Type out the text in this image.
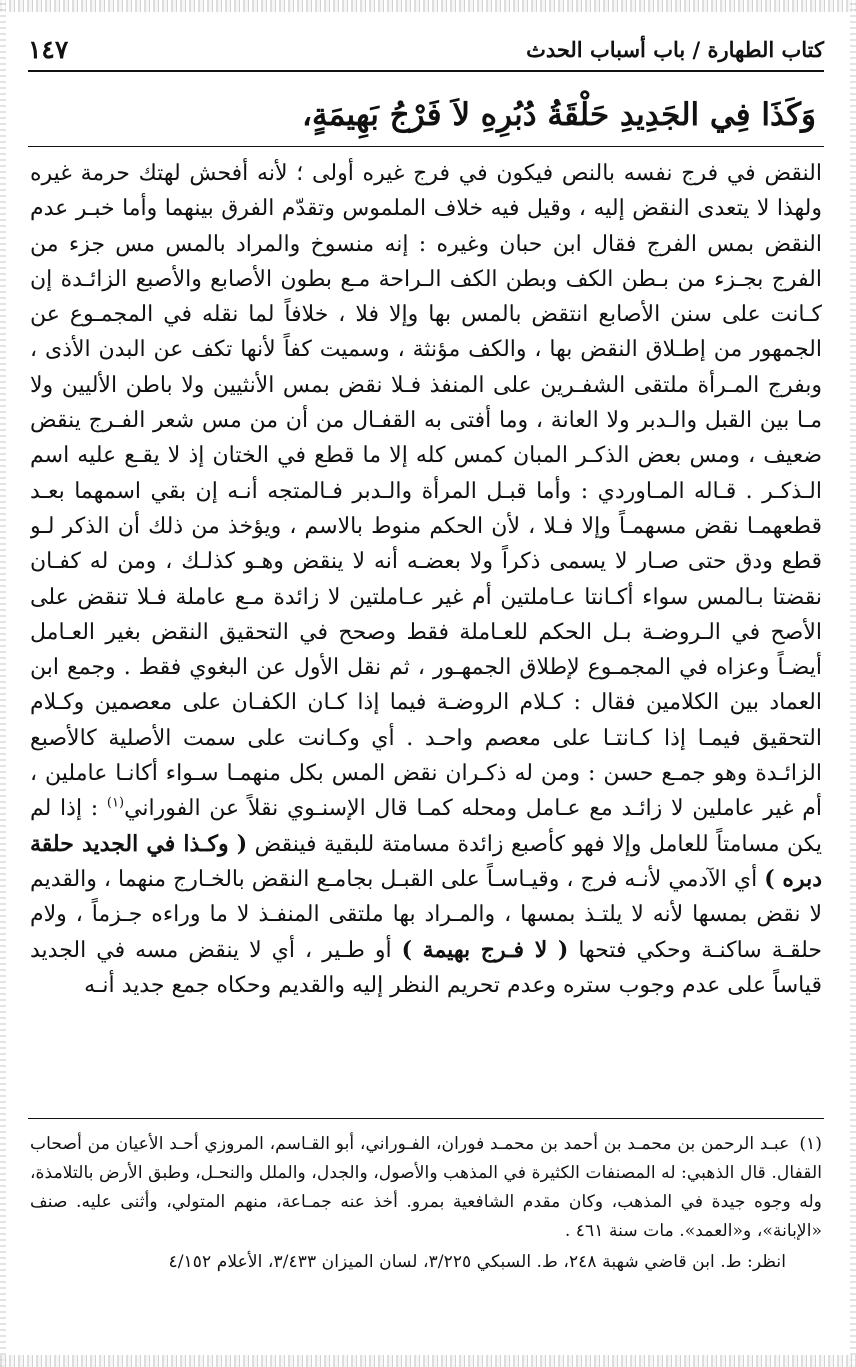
كتاب الطهارة / باب أسباب الحدث
١٤٧
وَكَذَا فِي الجَدِيدِ حَلْقَةُ دُبُرِهِ لاَ فَرْجُ بَهِيمَةٍ،
النقض في فرج نفسه بالنص فيكون في فرج غيره أولى ؛ لأنه أفحش لهتك حرمة غيره ولهذا لا يتعدى النقض إليه ، وقيل فيه خلاف الملموس وتقدّم الفرق بينهما وأما خبـر عدم النقض بمس الفرج فقال ابن حبان وغيره : إنه منسوخ والمراد بالمس مس جزء من الفرج بجـزء من بـطن الكف وبطن الكف الـراحة مـع بطون الأصابع والأصبع الزائـدة إن كـانت على سنن الأصابع انتقض بالمس بها وإلا فلا ، خلافاً لما نقله في المجمـوع عن الجمهور من إطـلاق النقض بها ، والكف مؤنثة ، وسميت كفاً لأنها تكف عن البدن الأذى ، وبفرج المـرأة ملتقى الشفـرين على المنفذ فـلا نقض بمس الأنثيين ولا باطن الأليين ولا مـا بين القبل والـدبر ولا العانة ، وما أفتى به القفـال من أن من مس شعر الفـرج ينقض ضعيف ، ومس بعض الذكـر المبان كمس كله إلا ما قطع في الختان إذ لا يقـع عليه اسم الـذكـر . قـاله المـاوردي : وأما قبـل المرأة والـدبر فـالمتجه أنـه إن بقي اسمهما بعـد قطعهمـا نقض مسهمـاً وإلا فـلا ، لأن الحكم منوط بالاسم ، ويؤخذ من ذلك أن الذكر لـو قطع ودق حتى صـار لا يسمى ذكراً ولا بعضـه أنه لا ينقض وهـو كذلـك ، ومن له كفـان نقضتا بـالمس سواء أكـانتا عـاملتين أم غير عـاملتين لا زائدة مـع عاملة فـلا تنقض على الأصح في الـروضـة بـل الحكم للعـاملة فقط وصحح في التحقيق النقض بغير العـامل أيضـاً وعزاه في المجمـوع لإطلاق الجمهـور ، ثم نقل الأول عن البغوي فقط . وجمع ابن العماد بين الكلامين فقال : كـلام الروضـة فيما إذا كـان الكفـان على معصمين وكـلام التحقيق فيمـا إذا كـانتـا على معصم واحـد . أي وكـانت على سمت الأصلية كالأصبع الزائـدة وهو جمـع حسن : ومن له ذكـران نقض المس بكل منهمـا سـواء أكانـا عاملين ، أم غير عاملين لا زائـد مع عـامل ومحله كمـا قال الإسنـوي نقلاً عن الفوراني$^{(١)}$ : إذا لم يكن مسامتاً للعامل وإلا فهو كأصبع زائدة مسامتة للبقية فينقض ( وكـذا في الجديد حلقة دبره ) أي الآدمي لأنـه فرج ، وقيـاسـاً على القبـل بجامـع النقض بالخـارج منهما ، والقديم لا نقض بمسها لأنه لا يلتـذ بمسها ، والمـراد بها ملتقى المنفـذ لا ما وراءه جـزماً ، ولام حلقـة ساكنـة وحكي فتحها ( لا فـرج بهيمة ) أو طـير ، أي لا ينقض مسه في الجديد قياساً على عدم وجوب ستره وعدم تحريم النظر إليه والقديم وحكاه جمع جديد أنـه
(١)عبـد الرحمن بن محمـد بن أحمد بن محمـد فوران، الفـوراني، أبو القـاسم، المروزي أحـد الأعيان من أصحاب القفال. قال الذهبي: له المصنفات الكثيرة في المذهب والأصول، والجدل، والملل والنحـل، وطبق الأرض بالتلامذة، وله وجوه جيدة في المذهب، وكان مقدم الشافعية بمرو. أخذ عنه جمـاعة، منهم المتولي، وأثنى عليه. صنف «الإبانة»، و«العمد». مات سنة ٤٦١ .
انظر: ط. ابن قاضي شهبة ٢٤٨، ط. السبكي ٣/٢٢٥، لسان الميزان ٣/٤٣٣، الأعلام ٤/١٥٢
